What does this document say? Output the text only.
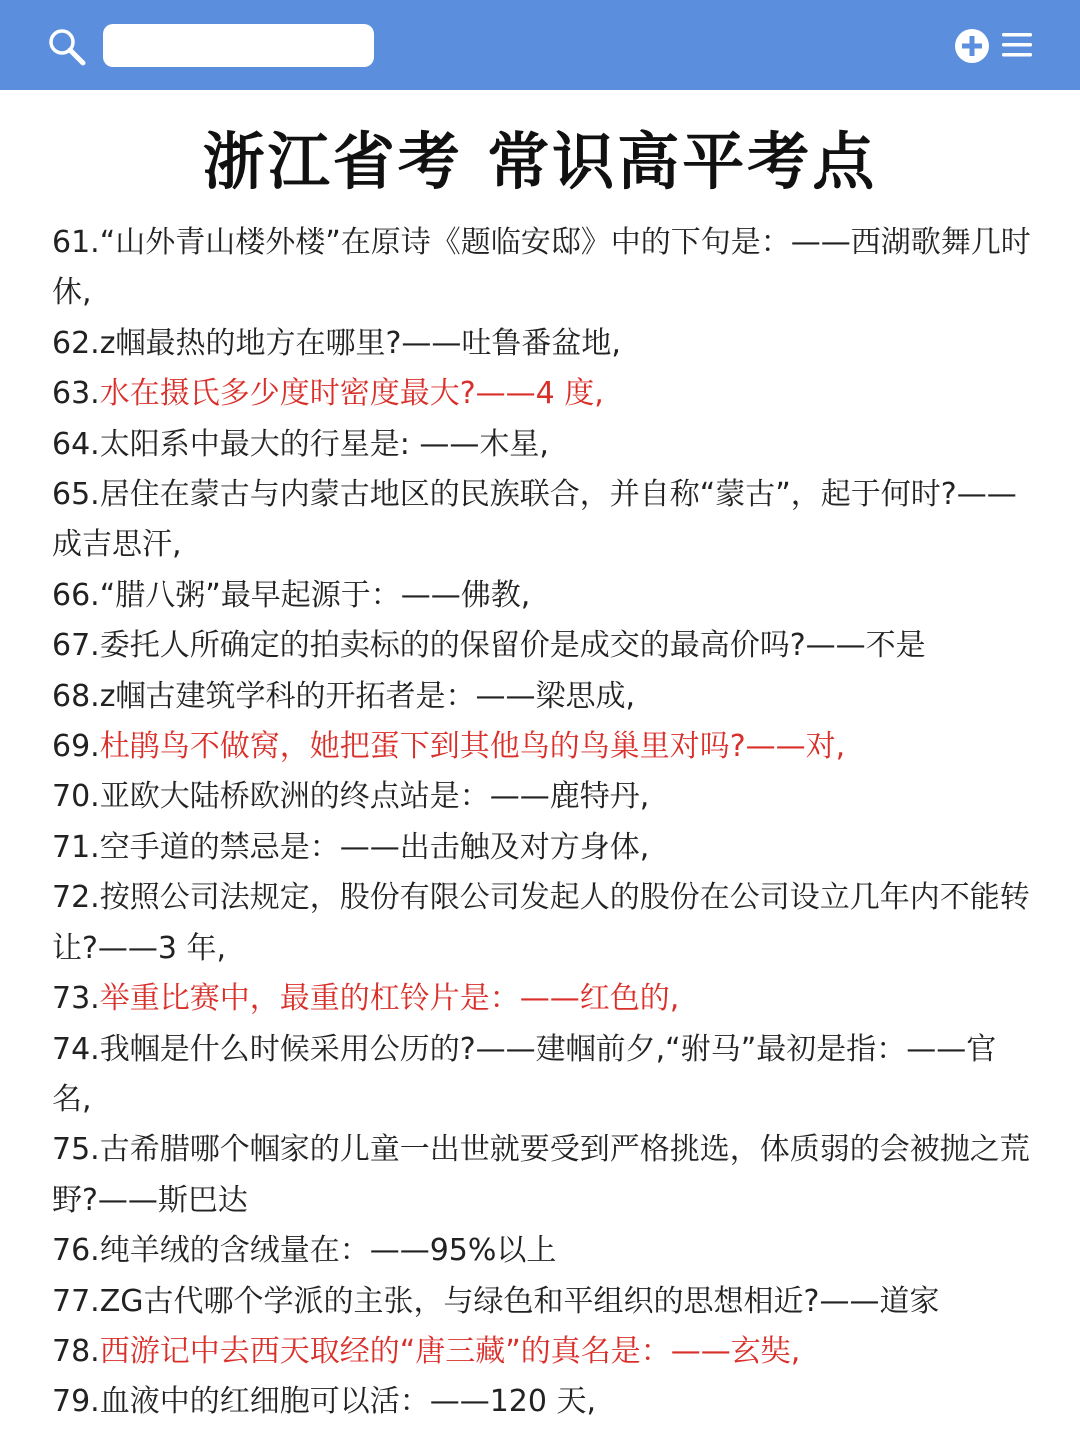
浙江省考 常识高平考点

61.“山外青山楼外楼”在原诗《题临安邸》中的下句是：——西湖歌舞几时休,

62.z帼最热的地方在哪里?——吐鲁番盆地,

63.水在摄氏多少度时密度最大?——4 度,

64.太阳系中最大的行星是: ——木星,

65.居住在蒙古与内蒙古地区的民族联合，并自称“蒙古”，起于何时?——成吉思汗,

66.“腊八粥”最早起源于：——佛教,

67.委托人所确定的拍卖标的的保留价是成交的最高价吗?——不是

68.z帼古建筑学科的开拓者是：——梁思成,

69.杜鹃鸟不做窝，她把蛋下到其他鸟的鸟巢里对吗?——对,

70.亚欧大陆桥欧洲的终点站是：——鹿特丹,

71.空手道的禁忌是：——出击触及对方身体,

72.按照公司法规定，股份有限公司发起人的股份在公司设立几年内不能转让?——3 年,

73.举重比赛中，最重的杠铃片是：——红色的,

74.我帼是什么时候采用公历的?——建帼前夕,“驸马”最初是指：——官名,

75.古希腊哪个帼家的儿童一出世就要受到严格挑选，体质弱的会被抛之荒野?——斯巴达

76.纯羊绒的含绒量在：——95%以上

77.ZG古代哪个学派的主张，与绿色和平组织的思想相近?——道家

78.西游记中去西天取经的“唐三藏”的真名是：——玄奘,

79.血液中的红细胞可以活：——120 天,
